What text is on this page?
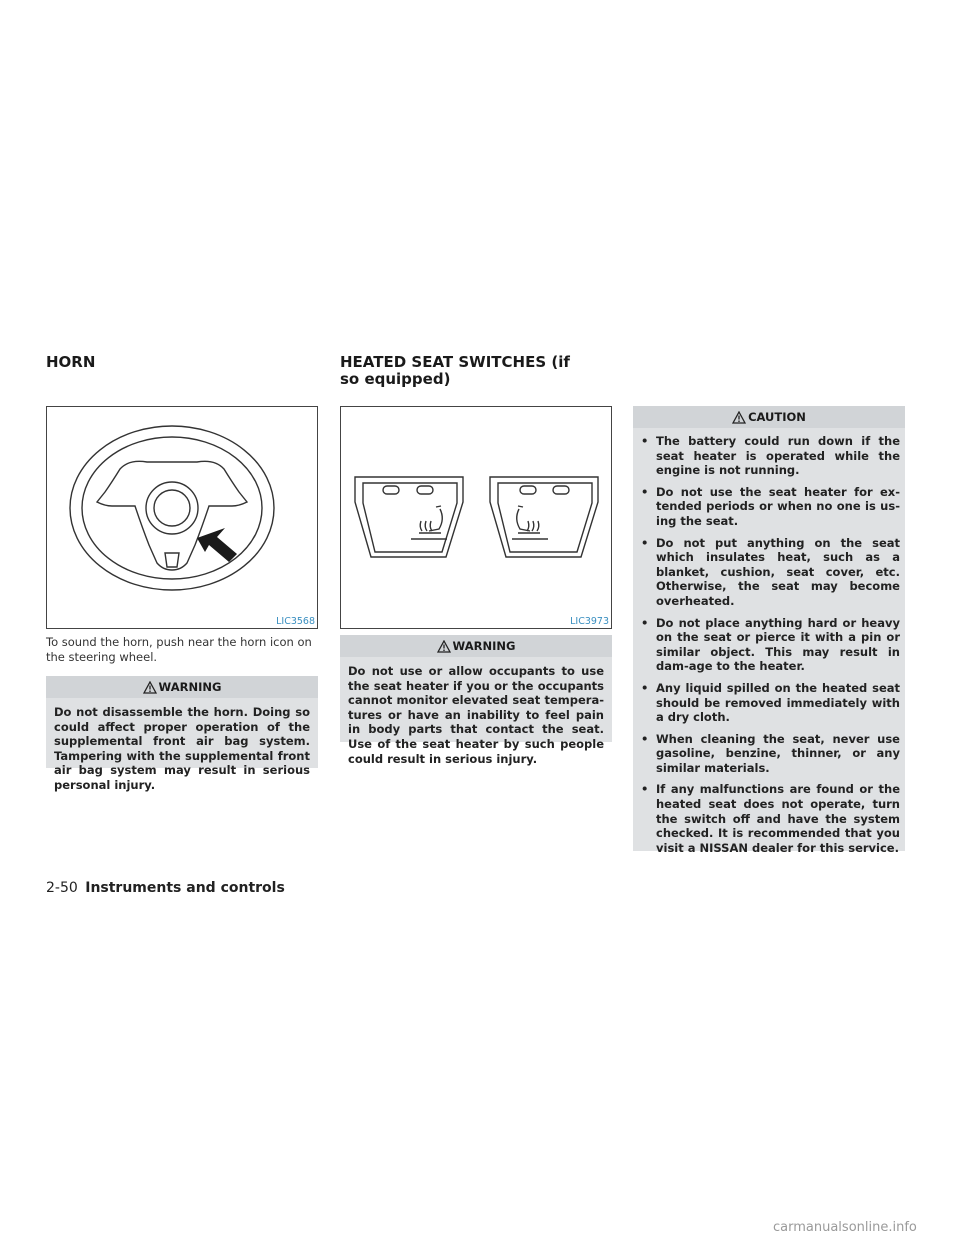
HORN	HEATED SEAT SWITCHES (if so equipped)
LIC3568
To sound the horn, push near the horn icon on the steering wheel.
WARNING
Do not disassemble the horn. Doing so could affect proper operation of the supplemental front air bag system. Tampering with the supplemental front air bag system may result in serious personal injury.
LIC3973
WARNING
Do not use or allow occupants to use the seat heater if you or the occupants cannot monitor elevated seat tempera-tures or have an inability to feel pain in body parts that contact the seat. Use of the seat heater by such people could result in serious injury.
CAUTION
• The battery could run down if the seat heater is operated while the engine is not running.
• Do not use the seat heater for ex-tended periods or when no one is us-ing the seat.
• Do not put anything on the seat which insulates heat, such as a blanket, cushion, seat cover, etc. Otherwise, the seat may become overheated.
• Do not place anything hard or heavy on the seat or pierce it with a pin or similar object. This may result in dam-age to the heater.
• Any liquid spilled on the heated seat should be removed immediately with a dry cloth.
• When cleaning the seat, never use gasoline, benzine, thinner, or any similar materials.
• If any malfunctions are found or the heated seat does not operate, turn the switch off and have the system checked. It is recommended that you visit a NISSAN dealer for this service.
2-50 Instruments and controls
carmanualsonline.info
